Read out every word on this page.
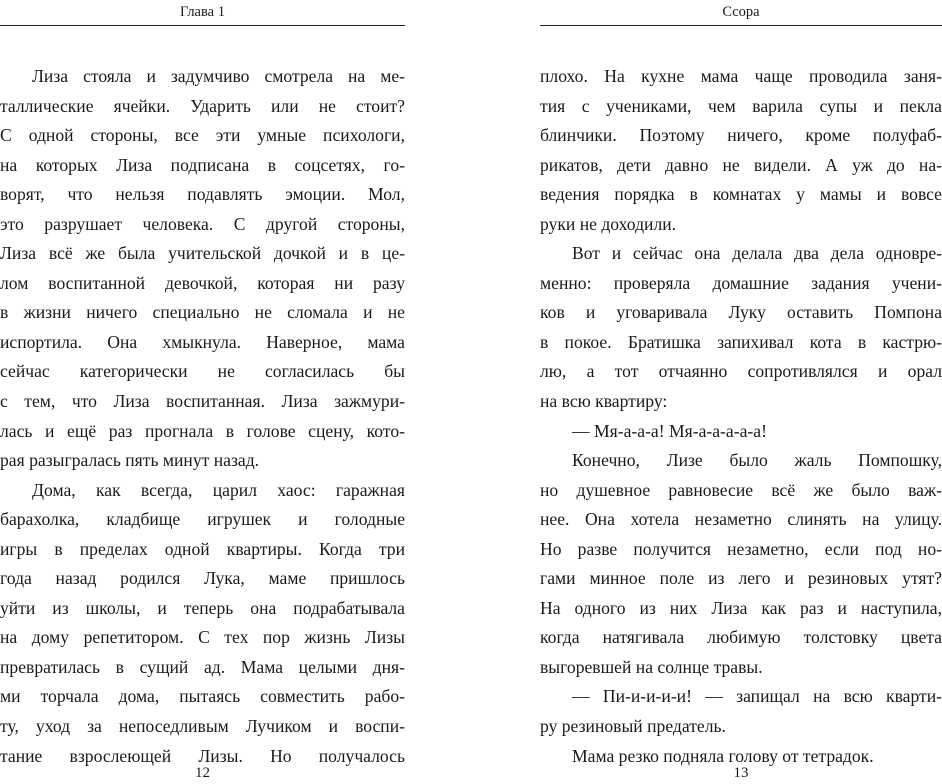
Глава 1
Лиза стояла и задумчиво смотрела на ме-
таллические ячейки. Ударить или не стоит?
С одной стороны, все эти умные психологи,
на которых Лиза подписана в соцсетях, го-
ворят, что нельзя подавлять эмоции. Мол,
это разрушает человека. С другой стороны,
Лиза всё же была учительской дочкой и в це-
лом воспитанной девочкой, которая ни разу
в жизни ничего специально не сломала и не
испортила. Она хмыкнула. Наверное, мама
сейчас категорически не согласилась бы
с тем, что Лиза воспитанная. Лиза зажмури-
лась и ещё раз прогнала в голове сцену, кото-
рая разыгралась пять минут назад.
Дома, как всегда, царил хаос: гаражная
барахолка, кладбище игрушек и голодные
игры в пределах одной квартиры. Когда три
года назад родился Лука, маме пришлось
уйти из школы, и теперь она подрабатывала
на дому репетитором. С тех пор жизнь Лизы
превратилась в сущий ад. Мама целыми дня-
ми торчала дома, пытаясь совместить рабо-
ту, уход за непоседливым Лучиком и воспи-
тание взрослеющей Лизы. Но получалось
12
Ссора
плохо. На кухне мама чаще проводила заня-
тия с учениками, чем варила супы и пекла
блинчики. Поэтому ничего, кроме полуфаб-
рикатов, дети давно не видели. А уж до на-
ведения порядка в комнатах у мамы и вовсе
руки не доходили.
Вот и сейчас она делала два дела одновре-
менно: проверяла домашние задания учени-
ков и уговаривала Луку оставить Помпона
в покое. Братишка запихивал кота в кастрю-
лю, а тот отчаянно сопротивлялся и орал
на всю квартиру:
— Мя-а-а-а! Мя-а-а-а-а-а!
Конечно, Лизе было жаль Помпошку,
но душевное равновесие всё же было важ-
нее. Она хотела незаметно слинять на улицу.
Но разве получится незаметно, если под но-
гами минное поле из лего и резиновых утят?
На одного из них Лиза как раз и наступила,
когда натягивала любимую толстовку цвета
выгоревшей на солнце травы.
— Пи-и-и-и-и! — запищал на всю кварти-
ру резиновый предатель.
Мама резко подняла голову от тетрадок.
13
